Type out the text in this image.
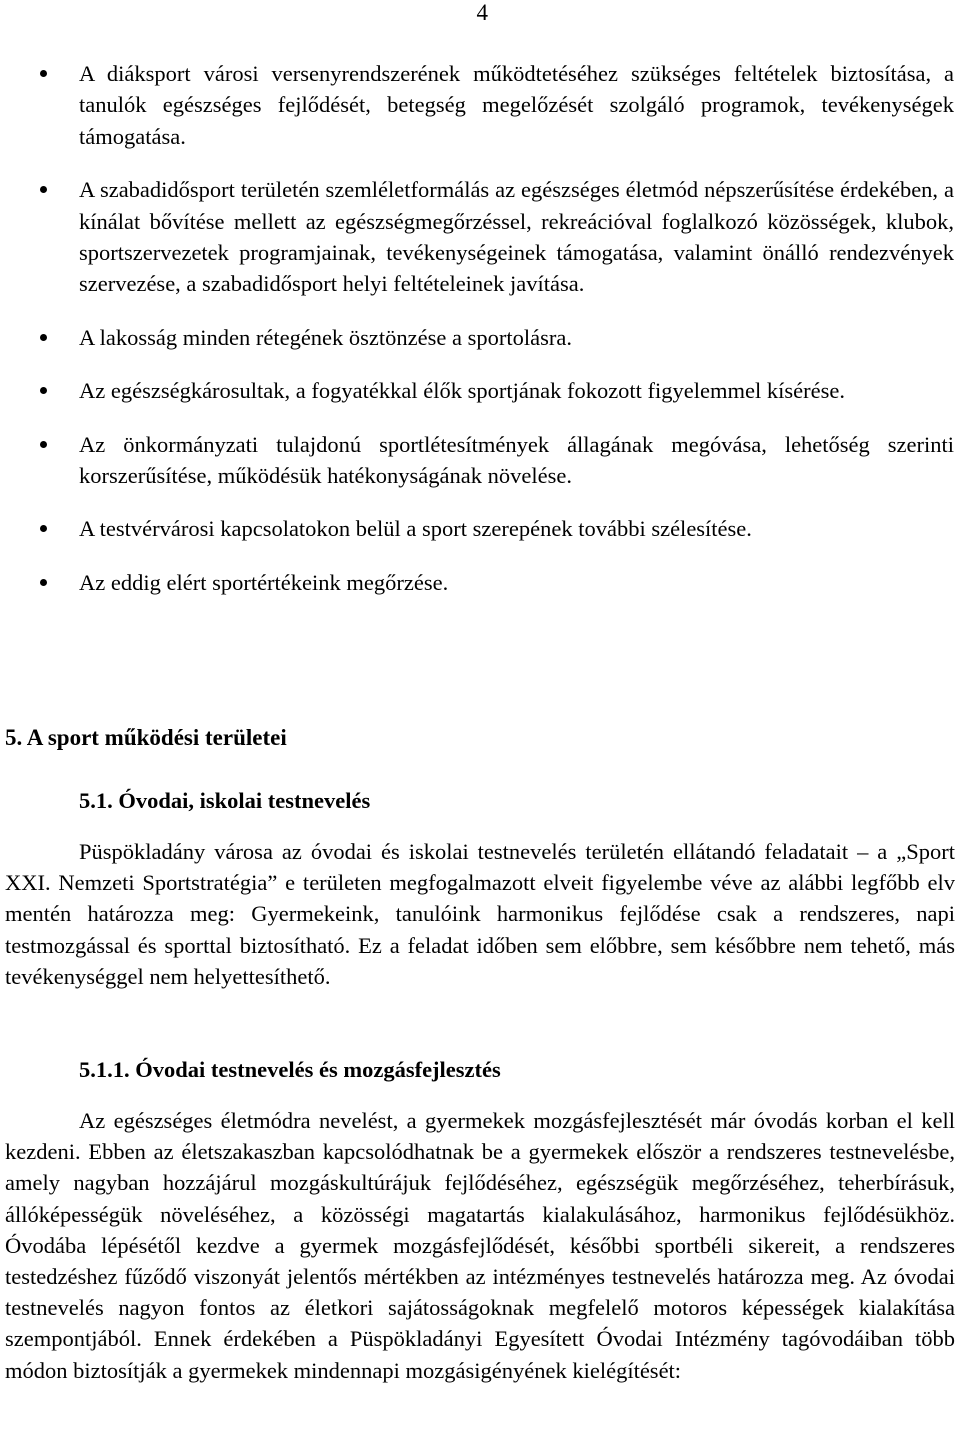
4
A diáksport városi versenyrendszerének működtetéséhez szükséges feltételek biztosítása, a tanulók egészséges fejlődését, betegség megelőzését szolgáló programok, tevékenységek támogatása.
A szabadidősport területén szemléletformálás az egészséges életmód népszerűsítése érdekében, a kínálat bővítése mellett az egészségmegőrzéssel, rekreációval foglalkozó közösségek, klubok, sportszervezetek programjainak, tevékenységeinek támogatása, valamint önálló rendezvények szervezése, a szabadidősport helyi feltételeinek javítása.
A lakosság minden rétegének ösztönzése a sportolásra.
Az egészségkárosultak, a fogyatékkal élők sportjának fokozott figyelemmel kísérése.
Az önkormányzati tulajdonú sportlétesítmények állagának megóvása, lehetőség szerinti korszerűsítése, működésük hatékonyságának növelése.
A testvérvárosi kapcsolatokon belül a sport szerepének további szélesítése.
Az eddig elért sportértékeink megőrzése.
5. A sport működési területei
5.1. Óvodai, iskolai testnevelés

Püspökladány városa az óvodai és iskolai testnevelés területén ellátandó feladatait – a „Sport XXI. Nemzeti Sportstratégia” e területen megfogalmazott elveit figyelembe véve az alábbi legfőbb elv mentén határozza meg: Gyermekeink, tanulóink harmonikus fejlődése csak a rendszeres, napi testmozgással és sporttal biztosítható. Ez a feladat időben sem előbbre, sem későbbre nem tehető, más tevékenységgel nem helyettesíthető.

5.1.1. Óvodai testnevelés és mozgásfejlesztés

Az egészséges életmódra nevelést, a gyermekek mozgásfejlesztését már óvodás korban el kell kezdeni. Ebben az életszakaszban kapcsolódhatnak be a gyermekek először a rendszeres testnevelésbe, amely nagyban hozzájárul mozgáskultúrájuk fejlődéséhez, egészségük megőrzéséhez, teherbírásuk, állóképességük növeléséhez, a közösségi magatartás kialakulásához, harmonikus fejlődésükhöz. Óvodába lépésétől kezdve a gyermek mozgásfejlődését, későbbi sportbéli sikereit, a rendszeres testedzéshez fűződő viszonyát jelentős mértékben az intézményes testnevelés határozza meg. Az óvodai testnevelés nagyon fontos az életkori sajátosságoknak megfelelő motoros képességek kialakítása szempontjából. Ennek érdekében a Püspökladányi Egyesített Óvodai Intézmény tagóvodáiban több módon biztosítják a gyermekek mindennapi mozgásigényének kielégítését:
